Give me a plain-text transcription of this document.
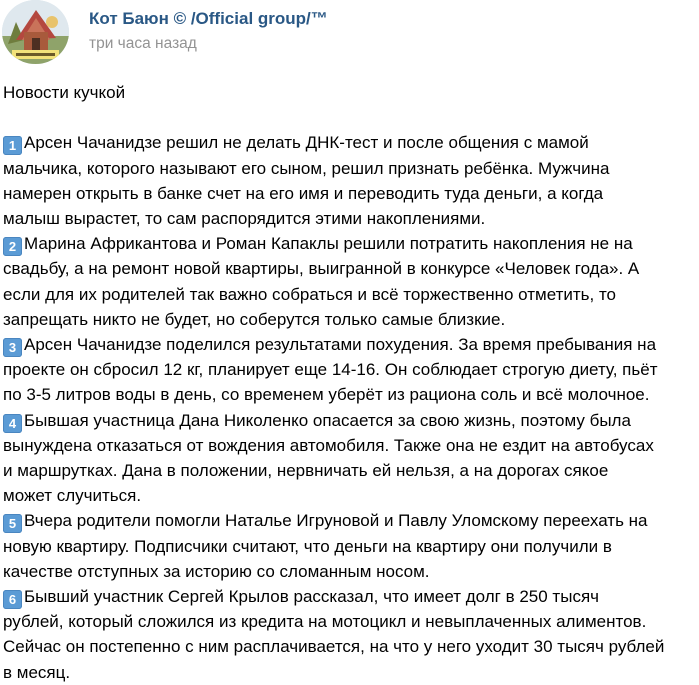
Кот Баюн © /Official group/™
три часа назад

Новости кучкой

1 Арсен Чачанидзе решил не делать ДНК-тест и после общения с мамой
мальчика, которого называют его сыном, решил признать ребёнка. Мужчина
намерен открыть в банке счет на его имя и переводить туда деньги, а когда
малыш вырастет, то сам распорядится этими накоплениями.

2 Марина Африкантова и Роман Капаклы решили потратить накопления не на
свадьбу, а на ремонт новой квартиры, выигранной в конкурсе «Человек года». А
если для их родителей так важно собраться и всё торжественно отметить, то
запрещать никто не будет, но соберутся только самые близкие.

3 Арсен Чачанидзе поделился результатами похудения. За время пребывания на
проекте он сбросил 12 кг, планирует еще 14-16. Он соблюдает строгую диету, пьёт
по 3-5 литров воды в день, со временем уберёт из рациона соль и всё молочное.

4 Бывшая участница Дана Николенко опасается за свою жизнь, поэтому была
вынуждена отказаться от вождения автомобиля. Также она не ездит на автобусах
и маршрутках. Дана в положении, нервничать ей нельзя, а на дорогах сякое
может случиться.

5 Вчера родители помогли Наталье Игруновой и Павлу Уломскому переехать на
новую квартиру. Подписчики считают, что деньги на квартиру они получили в
качестве отступных за историю со сломанным носом.

6 Бывший участник Сергей Крылов рассказал, что имеет долг в 250 тысяч
рублей, который сложился из кредита на мотоцикл и невыплаченных алиментов.
Сейчас он постепенно с ним расплачивается, на что у него уходит 30 тысяч рублей
в месяц.
